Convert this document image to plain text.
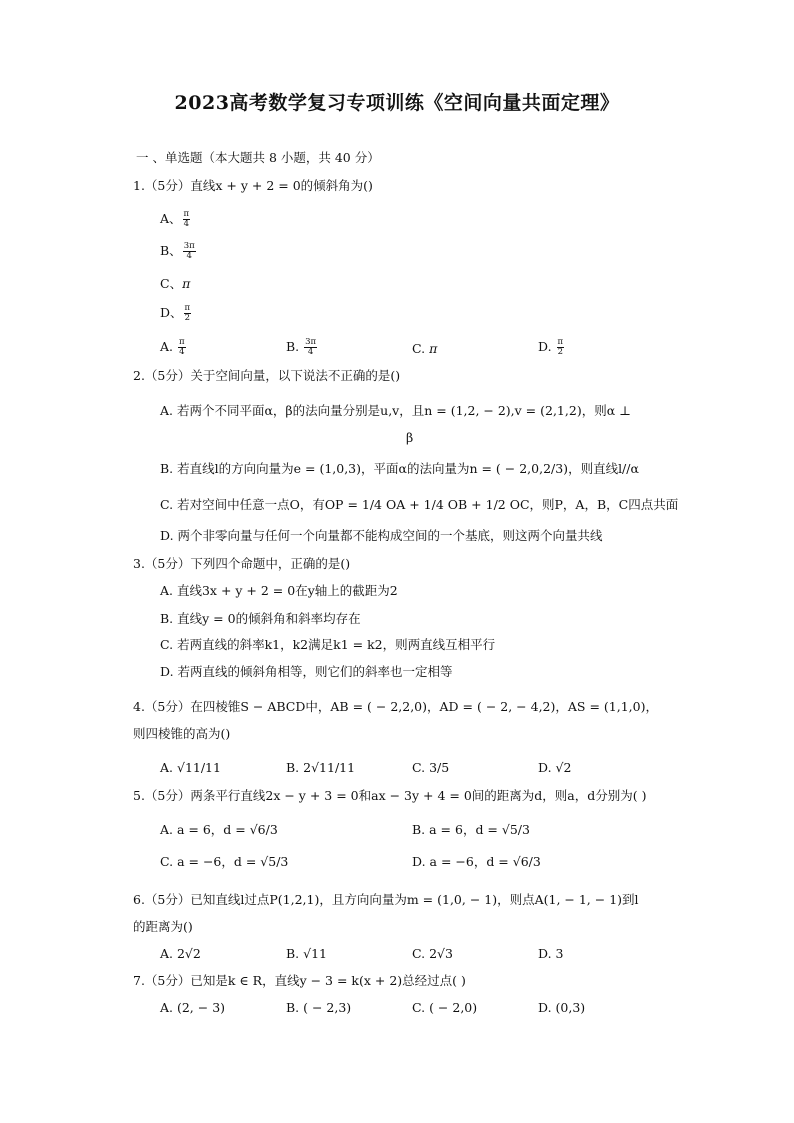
2023高考数学复习专项训练《空间向量共面定理》
一 、单选题（本大题共 8 小题，共 40 分）
1.（5分）直线x + y + 2 = 0的倾斜角为()
A、 $\frac{\pi}{4}$
B、 $\frac{3\pi}{4}$
C、π
D、 $\frac{\pi}{2}$
A. $\frac{\pi}{4}$	B. $\frac{3\pi}{4}$	C. π	D. $\frac{\pi}{2}$
2.（5分）关于空间向量，以下说法不正确的是()
A. 若两个不同平面α，β的法向量分别是u,v，且n = (1,2, − 2),v = (2,1,2)，则α ⊥
β
B. 若直线l的方向向量为e = (1,0,3)，平面α的法向量为n = ( − 2,0,2/3)，则直线l//α
C. 若对空间中任意一点O，有OP = 1/4 OA + 1/4 OB + 1/2 OC，则P，A，B，C四点共面
D. 两个非零向量与任何一个向量都不能构成空间的一个基底，则这两个向量共线
3.（5分）下列四个命题中，正确的是()
A. 直线3x + y + 2 = 0在y轴上的截距为2
B. 直线y = 0的倾斜角和斜率均存在
C. 若两直线的斜率k1，k2满足k1 = k2，则两直线互相平行
D. 若两直线的倾斜角相等，则它们的斜率也一定相等
4.（5分）在四棱锥S − ABCD中，AB = ( − 2,2,0)，AD = ( − 2, − 4,2)，AS = (1,1,0)，
则四棱锥的高为()
A. √11/11	B. 2√11/11	C. 3/5	D. √2
5.（5分）两条平行直线2x − y + 3 = 0和ax − 3y + 4 = 0间的距离为d，则a，d分别为( )
A. a = 6，d = √6/3	B. a = 6，d = √5/3
C. a = −6，d = √5/3	D. a = −6，d = √6/3
6.（5分）已知直线l过点P(1,2,1)，且方向向量为m = (1,0, − 1)，则点A(1, − 1, − 1)到l
的距离为()
A. 2√2	B. √11	C. 2√3	D. 3
7.（5分）已知是k ∈ R，直线y − 3 = k(x + 2)总经过点( )
A. (2, − 3)	B. ( − 2,3)	C. ( − 2,0)	D. (0,3)
